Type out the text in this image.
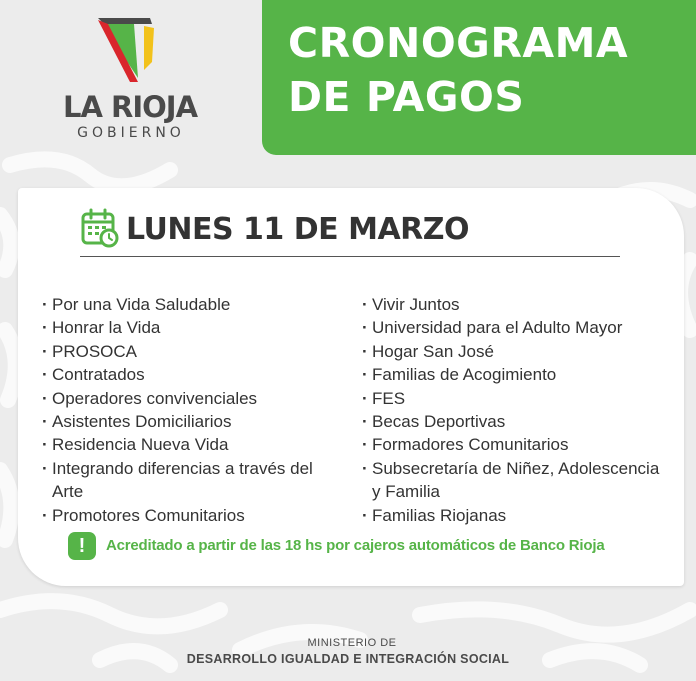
LA RIOJA
GOBIERNO
CRONOGRAMA
DE PAGOS
LUNES 11 DE MARZO
· Por una Vida Saludable
· Honrar la Vida
· PROSOCA
· Contratados
· Operadores convivenciales
· Asistentes Domiciliarios
· Residencia Nueva Vida
· Integrando diferencias a través del Arte
· Promotores Comunitarios
· Vivir Juntos
· Universidad para el Adulto Mayor
· Hogar San José
· Familias de Acogimiento
· FES
· Becas Deportivas
· Formadores Comunitarios
· Subsecretaría de Niñez, Adolescencia y Familia
· Familias Riojanas
!	Acreditado a partir de las 18 hs por cajeros automáticos de Banco Rioja
MINISTERIO DE
DESARROLLO IGUALDAD E INTEGRACIÓN SOCIAL
